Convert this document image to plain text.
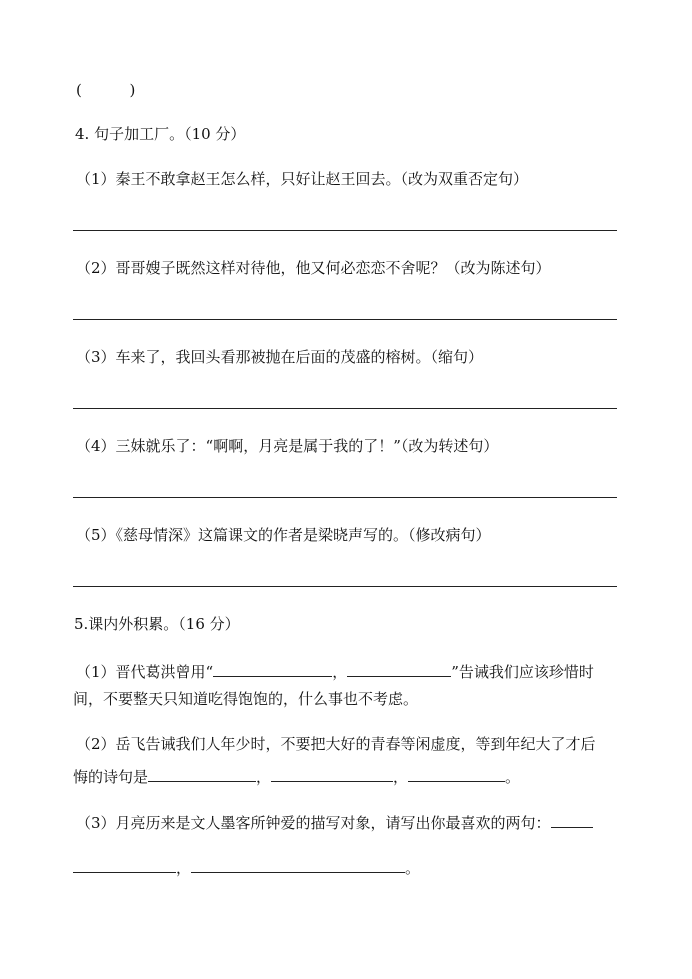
(          )
4. 句子加工厂。（10 分）
（1）秦王不敢拿赵王怎么样，只好让赵王回去。（改为双重否定句）
（2）哥哥嫂子既然这样对待他，他又何必恋恋不舍呢？（改为陈述句）
（3）车来了，我回头看那被抛在后面的茂盛的榕树。（缩句）
（4）三妹就乐了：“啊啊，月亮是属于我的了！”（改为转述句）
（5）《慈母情深》这篇课文的作者是梁晓声写的。（修改病句）
5.课内外积累。（16 分）
（1）晋代葛洪曾用“	，	”告诫我们应该珍惜时
间，不要整天只知道吃得饱饱的，什么事也不考虑。
（2）岳飞告诫我们人年少时，不要把大好的青春等闲虚度，等到年纪大了才后
悔的诗句是	，	，	。
（3）月亮历来是文人墨客所钟爱的描写对象，请写出你最喜欢的两句：
，	。
